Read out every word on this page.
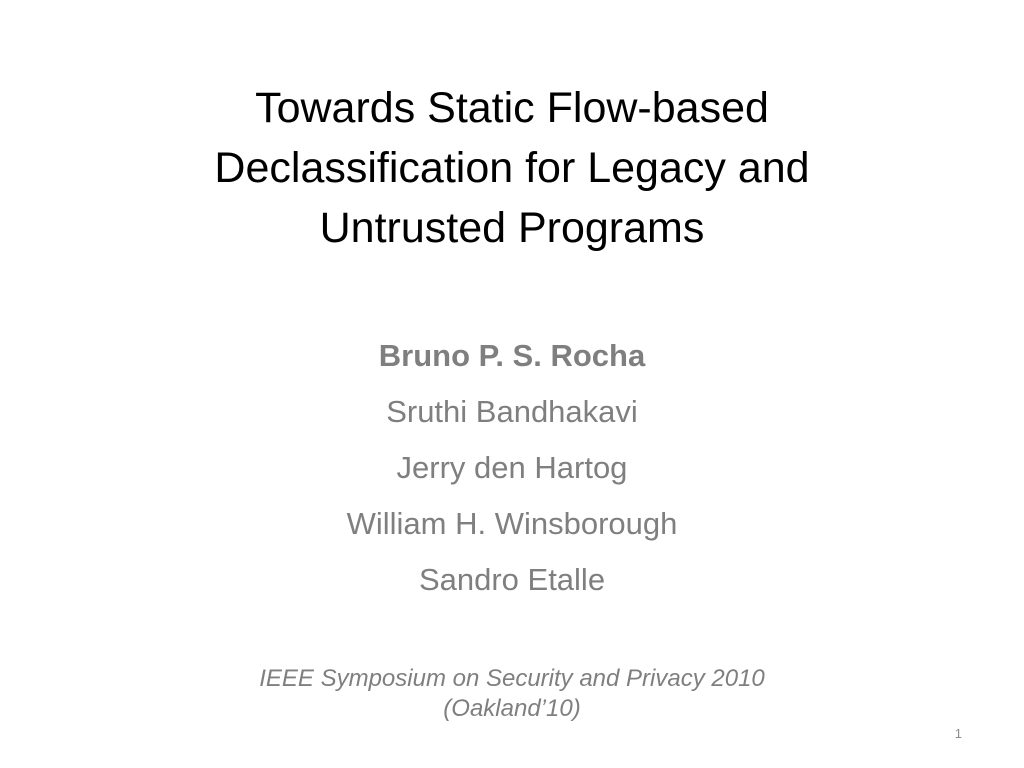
Towards Static Flow-based
Declassification for Legacy and
Untrusted Programs
Bruno P. S. Rocha
Sruthi Bandhakavi
Jerry den Hartog
William H. Winsborough
Sandro Etalle
IEEE Symposium on Security and Privacy 2010
(Oakland’10)
1
